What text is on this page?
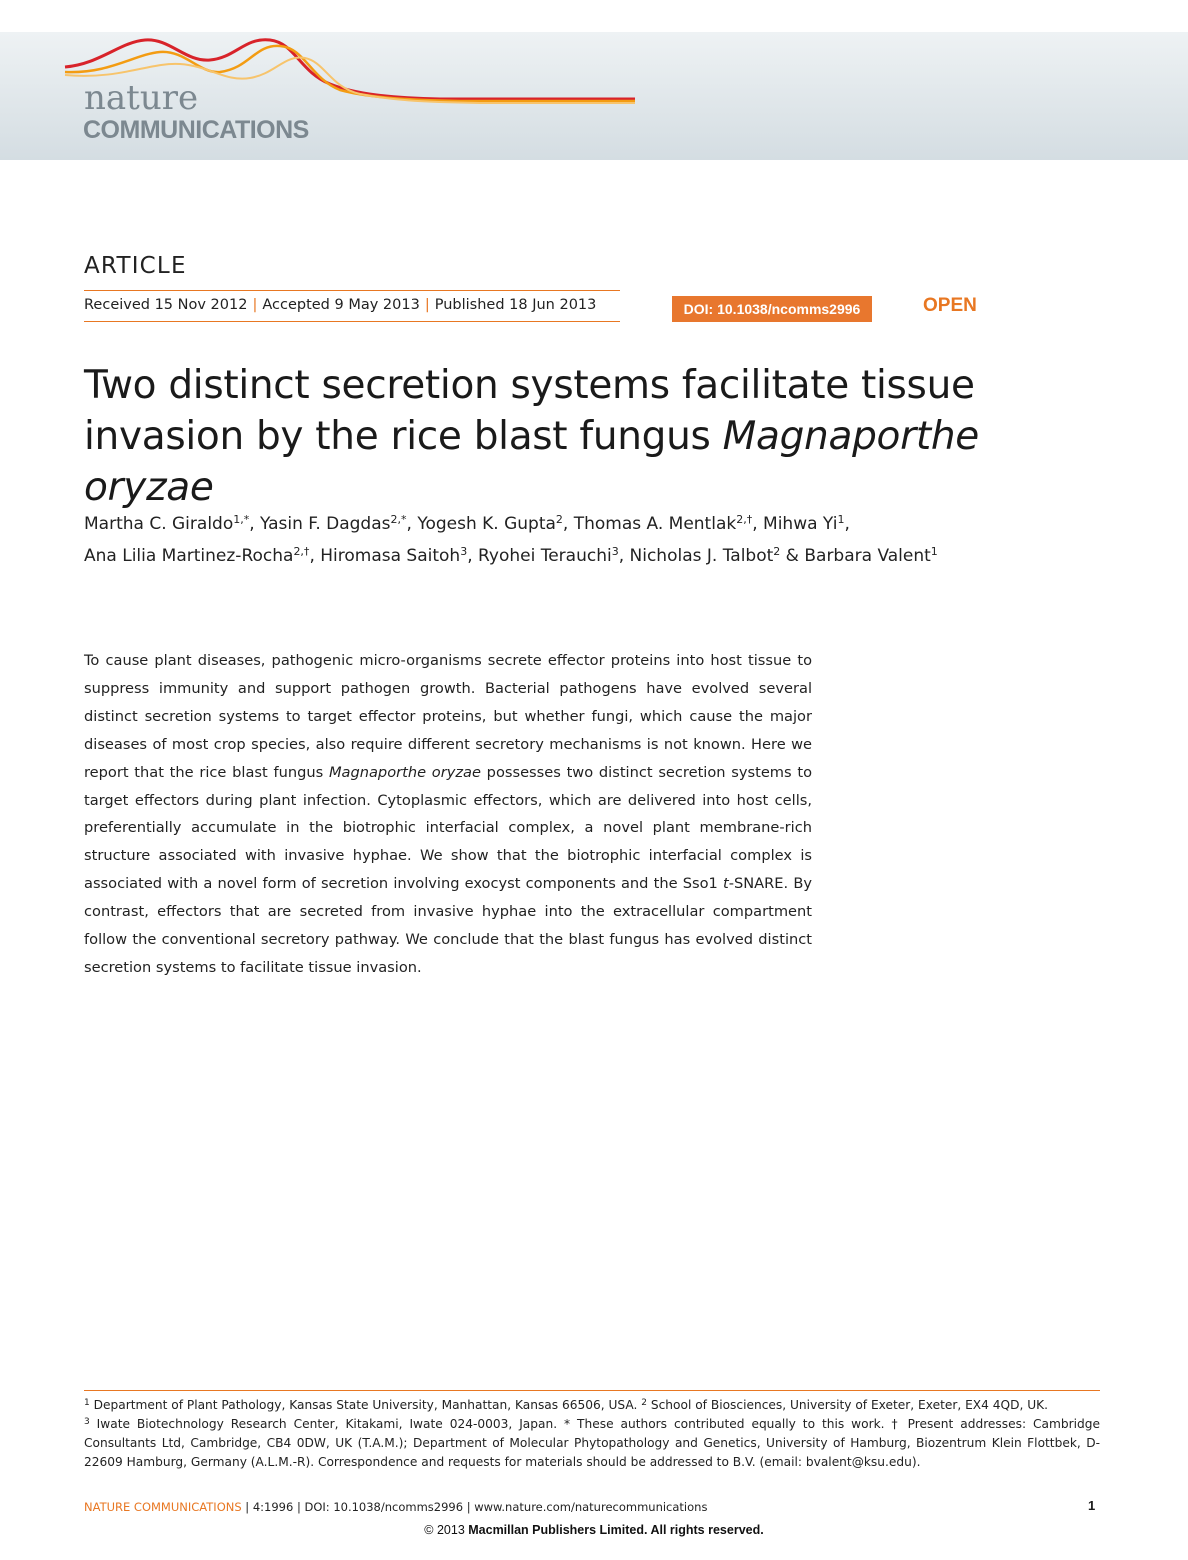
nature
COMMUNICATIONS
ARTICLE
Received 15 Nov 2012 | Accepted 9 May 2013 | Published 18 Jun 2013	DOI: 10.1038/ncomms2996	OPEN
Two distinct secretion systems facilitate tissue invasion by the rice blast fungus Magnaporthe oryzae
Martha C. Giraldo$^{1,*}$, Yasin F. Dagdas$^{2,*}$, Yogesh K. Gupta$^2$, Thomas A. Mentlak$^{2,\dagger}$, Mihwa Yi$^1$,
Ana Lilia Martinez-Rocha$^{2,\dagger}$, Hiromasa Saitoh$^3$, Ryohei Terauchi$^3$, Nicholas J. Talbot$^2$ & Barbara Valent$^1$
To cause plant diseases, pathogenic micro-organisms secrete effector proteins into host tissue to suppress immunity and support pathogen growth. Bacterial pathogens have evolved several distinct secretion systems to target effector proteins, but whether fungi, which cause the major diseases of most crop species, also require different secretory mechanisms is not known. Here we report that the rice blast fungus Magnaporthe oryzae possesses two distinct secretion systems to target effectors during plant infection. Cytoplasmic effectors, which are delivered into host cells, preferentially accumulate in the biotrophic interfacial complex, a novel plant membrane-rich structure associated with invasive hyphae. We show that the biotrophic interfacial complex is associated with a novel form of secretion involving exocyst components and the Sso1 t-SNARE. By contrast, effectors that are secreted from invasive hyphae into the extracellular compartment follow the conventional secretory pathway. We conclude that the blast fungus has evolved distinct secretion systems to facilitate tissue invasion.
$^1$ Department of Plant Pathology, Kansas State University, Manhattan, Kansas 66506, USA. $^2$ School of Biosciences, University of Exeter, Exeter, EX4 4QD, UK.
$^3$ Iwate Biotechnology Research Center, Kitakami, Iwate 024-0003, Japan. * These authors contributed equally to this work. † Present addresses: Cambridge Consultants Ltd, Cambridge, CB4 0DW, UK (T.A.M.); Department of Molecular Phytopathology and Genetics, University of Hamburg, Biozentrum Klein Flottbek, D-22609 Hamburg, Germany (A.L.M.-R). Correspondence and requests for materials should be addressed to B.V. (email: bvalent@ksu.edu).
NATURE COMMUNICATIONS | 4:1996 | DOI: 10.1038/ncomms2996 | www.nature.com/naturecommunications	1
© 2013 Macmillan Publishers Limited. All rights reserved.
